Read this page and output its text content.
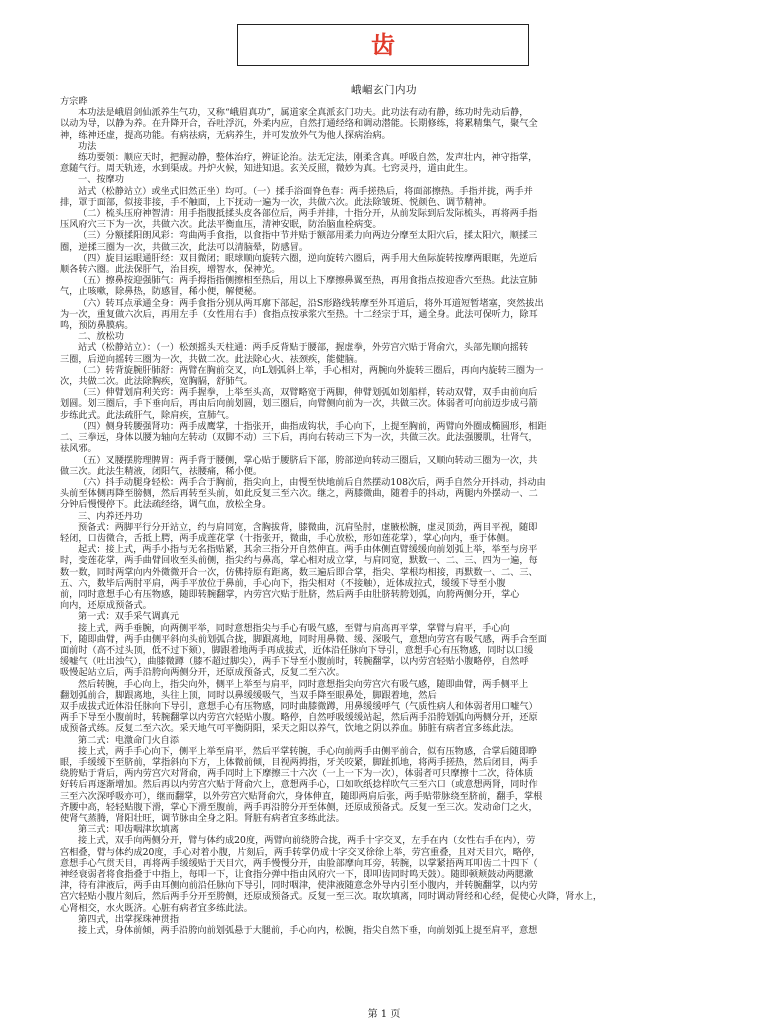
齿
峨嵋玄门内功
方宗晔
本功法是峨眉剑仙派养生气功，又称“峨眉真功”，属道家全真派玄门功夫。此功法有动有静，练功时先动后静，
以动为导，以静为养。在升降开合，吞吐浮沉，外柔内应，自然打通经络和调动潜能。长期修练，将累精集气，聚气全
神，练神还虚，提高功能。有病祛病，无病养生，并可发放外气为他人探病治病。
功法
练功要领：顺应天时，把握动静，整体治疗，辨证论治。法无定法，刚柔含真。呼吸自然，发声壮内，神守指掌，
意随气行。周天轨迹，水到渠成。丹炉火候，知进知退。玄关反照，微妙为真。七窍灵丹，道由此生。
一、按摩功
站式（松静站立）或坐式旧然正坐）均可。（一）揉手浴面脊色春：两手搓热后，将面部擦热。手指并拢，两手并
排，罩于面部，似接非接，手不触面，上下抚动一遍为一次，共做六次。此法除皱斑、悦颜色、调节精神。
（二）梳头压府神智清：用手指腹抵揉头皮各部位后，两手并排，十指分开，从前发际到后发际梳头，再将两手指
压风府穴三下为一次，共做六次。此法平衡血压，清神安眠，防治脑血栓病变。
（三）分额揉阳朗风彩：弯曲两手食指，以食指中节并贴于额部用柔力向两边分摩至太阳穴后，揉太阳穴，顺揉三
圈，逆揉三圈为一次，共做三次，此法可以清脑晕，防感冒。
（四）旋目运眼通肝经：双目微闭；眼球顺向旋转六圈，逆向旋转六圈后，两手用大鱼际旋转按摩两眼眶，先逆后
顺各转六圈。此法保肝气，治目疾，增智水，保神光。
（五）擦鼻按迎强肺气：两手拇指指侧擦相至热后，用以上下摩擦鼻翼至热，再用食指点按迎香穴至热。此法宣肺
气，止咳嗽，除鼻热，防感冒，稀小便，解便秘。
（六）转耳点承通全身：两手食指分别从两耳廓下部起，沿S形路线转摩至外耳道后，将外耳道短暂堵塞，突然拔出
为一次，重复做六次后，再用左手（女性用右手）食指点按承浆穴至热。十二经宗于耳，通全身。此法可保听力，除耳
鸣，预防鼻膜病。
二、放松功
站式（松静站立）：（一）松颈摇头天柱通：两手反背贴于腰部，握虚拳，外劳宫穴贴于肾俞穴，头部先顺向摇转
三圈，后逆向摇转三圈为一次，共做二次。此法除心火、祛颈疾，能健脑。
（二）转背旋腕肝肺舒：两臂在胸前交叉，向L划弧斜上举，手心相对，两腕向外旋转三圈后，再向内旋转三圈为一
次，共做二次。此法除胸疾，宽胸膈，舒肺气。
（三）伸臂划肩利关窍：两手握拳，上举至头高，双臂略宽于两脚，伸臂划弧如划船样，转动双臂，双手由前向后
划圆。划三圈后，手下垂向后，再由后向前划圆，划三圈后，向臂侧向前为一次，共做三次。体弱者可向前迈步成弓箭
步练此式。此法疏肝气，除肩疾，宣肺气。
（四）侧身转腰强肾功：两手成鹰掌，十指张开，曲指成钩状，手心向下，上提至胸前，两臂向外圈成椭圆形，相距
二、三拳远，身体以腰为轴向左转动（双脚不动）三下后，再向右转动三下为一次，共做三次。此法强腰肌，壮肾气，
祛风邪。
（五）叉腰摆胯理脾胃：两手背于腰侧，掌心贴于腰脐后下部，胯部逆向转动三圈后，又顺向转动三圈为一次，共
做三次。此法生精液，闭阳气，祛腰痛，稀小便。
（六）抖手动腿身轻松：两手合于胸前，指尖向上，由慢至快地前后自然摆动108次后，两手自然分开抖动，抖动由
头前至体侧再降至膀侧，然后再转至头前，如此反复三至六次。继之，两膝微曲，随着手的抖动，两腿内外摆动一、二
分钟后慢慢停下。此法疏经络，调气血，放松全身。
三、内养还丹功
预备式：两脚平行分开站立，约与肩同宽，含胸拔背，膝微曲，沉肩坠肘，虚腋松腕，虚灵顶劲，两目平视，随即
轻闭，口齿微合，舌抵上腭，两手成莲花掌（十指张开，微曲，手心放松，形如莲花掌），掌心向内，垂于体侧。
起式：接上式，两手小指与无名指贴紧，其余三指分开自然伸直。两手由体侧直臂缓缓向前划弧上举，举至与房平
时，变莲花掌，两手曲臂回收至头前侧，指尖约与鼻高，掌心相对成立掌，与肩同宽，默数一、二、三、四为一遍，每
数一数，同时两掌向内外微微开合一次，仿佛持原有距离，数三遍后即合掌，指尖、掌根均相接，再默数一、二、三、
五、六，数毕后两肘平肩，两手平放位于鼻前，手心向下，指尖相对（不接触），近体成拉式，缓缓下导至小腹
前，同时意想手心有压物感，随即转腕翻掌，内劳宫穴贴于肚脐，然后两手由肚脐转胯划弧，向胯两侧分开，掌心
向内，还原成预备式。
第一式：双手采气调真元
接上式，两手垂腕，向两侧平举，同时意想指尖与手心有吸气感，至臂与肩高再平掌，掌臂与肩平，手心向
下，随即曲臂，两手由侧平斜向头前划弧合拢，脚跟离地，同时用鼻微、缓、深吸气，意想向劳宫有吸气感，两手合至面
面前时（高不过头顶，低不过下颏），脚跟着地两手再成拔式，近体沿任脉向下导引，意想手心有压物感，同时以口缓
缓嘘气（吐出浊气），曲膝微蹲（膝不超过脚尖），两手下导至小腹前时，转腕翻掌，以内劳宫轻贴小腹略停，自然呼
吸慢起站立后，两手沿胯向两侧分开，还原成预备式，反复二至六次。
然后转腕，手心向上，指尖向外，侧平上举至与肩平，同时意想指尖向劳宫穴有吸气感，随即曲臂，两手侧平上
翻划弧前合，脚跟离地，头往上顶，同时以鼻缓缓吸气，当双手降至眼鼻处，脚跟着地，然后
双手成拔式近体沿任脉向下导引，意想手心有压物感，同时曲膝微蹲，用鼻缓缓呼气（气质性病人和体弱者用口嘘气）
两手下导至小腹前时，转腕翻掌以内劳宫穴轻贴小腹。略停，自然呼吸缓缓站起，然后两手沿胯划弧向两侧分开，还原
成预备式练。反复二至六次。采天地气可平衡阴阳，采天之阳以养气，饮地之阴以养血。肺脏有病者宜多练此法。
第二式：电激命门火自添
接上式，两手手心向下，侧平上举至肩平，然后平掌转腕，手心向前两手由侧平前合，似有压物感，合掌后随即睁
眼，手缓缓下至脐前，掌指斜向下方，上体微前倾，目视两拇指，牙关咬紧，脚趾抓地，将两手搓热，然后闭目，两手
绕胯贴于背后，两内劳宫穴对肾俞，两手同时上下摩擦三十六次（一上一下为一次），体弱者可只摩擦十二次，待体质
好转后再逐渐增加。然后再以内劳宫穴贴于肾俞穴上，意想两手心，口如吹纸捻样吹气三至六口（或意想两肾，同时作
三至六次深呼吸亦可），继而翻掌，以外劳宫穴贴肾俞穴，身体伸直，随即两肩后张，两手贴带脉绕至脐前，翻手，掌根
齐腰中高，轻轻贴腹下滑，掌心下滑至腹前，两手再沿胯分开至体侧，还原成预备式。反复一至三次。发动命门之火，
使肾气蒸腾，肾阳壮旺，调节脉由全身之阳。肾脏有病者宜多练此法。
第三式：叩齿咽津坎填离
接上式，双手向两侧分开，臂与体约成20度，两臂向前绕胯合拢，两手十字交叉，左手在内（女性右手在内），劳
宫相叠，臂与体约成20度，手心对着小腹，片刻后，两手转掌仍成十字交叉徐徐上举，劳宫重叠，且对天目穴，略停，
意想手心气贯天目，再将两手缓缓贴于天目穴，两手慢慢分开，由脸部摩向耳旁，转腕，以掌紧捂两耳叩齿二十四下（
神经衰弱者将食指叠于中指上，每叩一下，让食指分弹中指由风府穴一下，即叩齿同时鸣天鼓）。随即顿颊鼓动两腮漱
津，待有津液后，两手由耳侧向前沿任脉向下导引，同时咽津，使津液随意念外导内引至小腹内，并转腕翻掌，以内劳
宫穴轻贴小腹片刻后，然后两手分开至胯侧，还原成预备式。反复一至三次。取坎填离，同时调动肾经和心经，促使心火降，肾水上，
心肾相交，水火既济。心脏有病者宜多练此法。
第四式，出掌探珠神贯指
接上式，身体前倾，两手沿胯向前划弧悬于大腿前，手心向内，松腕，指尖自然下垂，向前划弧上提至肩平，意想
第 1 页
